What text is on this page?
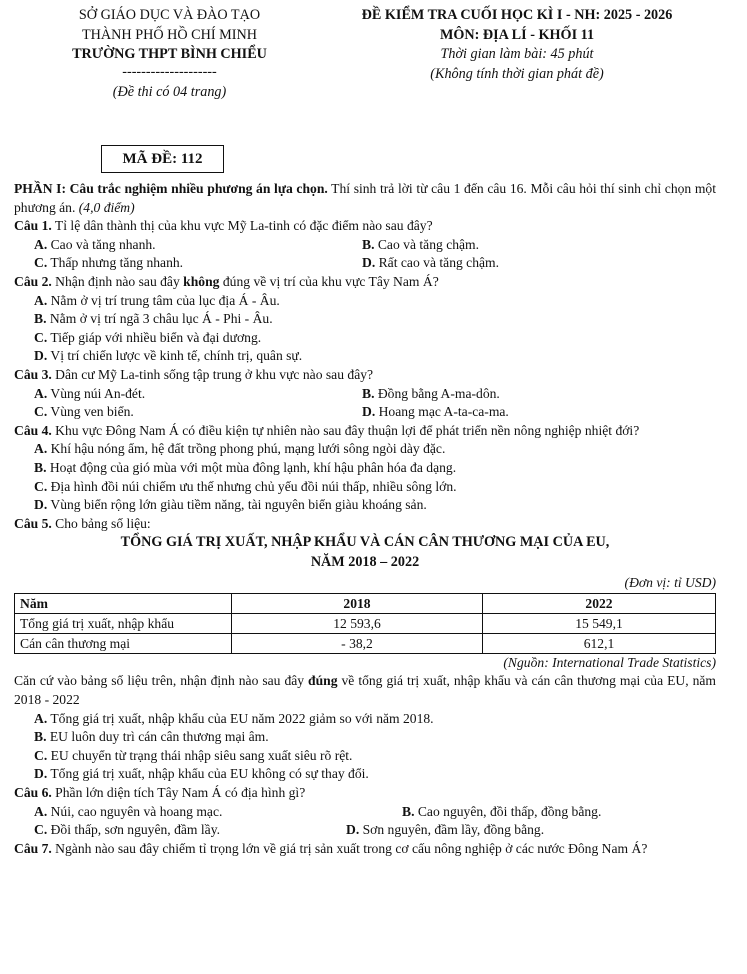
SỞ GIÁO DỤC VÀ ĐÀO TẠO
THÀNH PHỐ HỒ CHÍ MINH
TRƯỜNG THPT BÌNH CHIỂU
--------------------
(Đề thi có 04 trang)
ĐỀ KIỂM TRA CUỐI HỌC KÌ I - NH: 2025 - 2026
MÔN: ĐỊA LÍ - KHỐI 11
Thời gian làm bài: 45 phút
(Không tính thời gian phát đề)
MÃ ĐỀ: 112
PHẦN I: Câu trắc nghiệm nhiều phương án lựa chọn. Thí sinh trả lời từ câu 1 đến câu 16. Mỗi câu hỏi thí sinh chỉ chọn một phương án. (4,0 điểm)
Câu 1. Tỉ lệ dân thành thị của khu vực Mỹ La-tinh có đặc điểm nào sau đây?
A. Cao và tăng nhanh.	B. Cao và tăng chậm.
C. Thấp nhưng tăng nhanh.	D. Rất cao và tăng chậm.
Câu 2. Nhận định nào sau đây không đúng về vị trí của khu vực Tây Nam Á?
A. Nằm ở vị trí trung tâm của lục địa Á - Âu.
B. Nằm ở vị trí ngã 3 châu lục Á - Phi - Âu.
C. Tiếp giáp với nhiều biển và đại dương.
D. Vị trí chiến lược về kinh tế, chính trị, quân sự.
Câu 3. Dân cư Mỹ La-tinh sống tập trung ở khu vực nào sau đây?
A. Vùng núi An-đét.	B. Đồng bằng A-ma-dôn.
C. Vùng ven biển.	D. Hoang mạc A-ta-ca-ma.
Câu 4. Khu vực Đông Nam Á có điều kiện tự nhiên nào sau đây thuận lợi để phát triển nền nông nghiệp nhiệt đới?
A. Khí hậu nóng ẩm, hệ đất trồng phong phú, mạng lưới sông ngòi dày đặc.
B. Hoạt động của gió mùa với một mùa đông lạnh, khí hậu phân hóa đa dạng.
C. Địa hình đồi núi chiếm ưu thế nhưng chủ yếu đồi núi thấp, nhiều sông lớn.
D. Vùng biển rộng lớn giàu tiềm năng, tài nguyên biển giàu khoáng sản.
Câu 5. Cho bảng số liệu:
TỔNG GIÁ TRỊ XUẤT, NHẬP KHẨU VÀ CÁN CÂN THƯƠNG MẠI CỦA EU,
NĂM 2018 – 2022
(Đơn vị: tỉ USD)
Năm	2018	2022
Tổng giá trị xuất, nhập khẩu	12 593,6	15 549,1
Cán cân thương mại	- 38,2	612,1
(Nguồn: International Trade Statistics)
Căn cứ vào bảng số liệu trên, nhận định nào sau đây đúng về tổng giá trị xuất, nhập khẩu và cán cân thương mại của EU, năm 2018 - 2022
A. Tổng giá trị xuất, nhập khẩu của EU năm 2022 giảm so với năm 2018.
B. EU luôn duy trì cán cân thương mại âm.
C. EU chuyển từ trạng thái nhập siêu sang xuất siêu rõ rệt.
D. Tổng giá trị xuất, nhập khẩu của EU không có sự thay đổi.
Câu 6. Phần lớn diện tích Tây Nam Á có địa hình gì?
A. Núi, cao nguyên và hoang mạc.	B. Cao nguyên, đồi thấp, đồng bằng.
C. Đồi thấp, sơn nguyên, đầm lầy.	D. Sơn nguyên, đầm lầy, đồng bằng.
Câu 7. Ngành nào sau đây chiếm tỉ trọng lớn về giá trị sản xuất trong cơ cấu nông nghiệp ở các nước Đông Nam Á?
